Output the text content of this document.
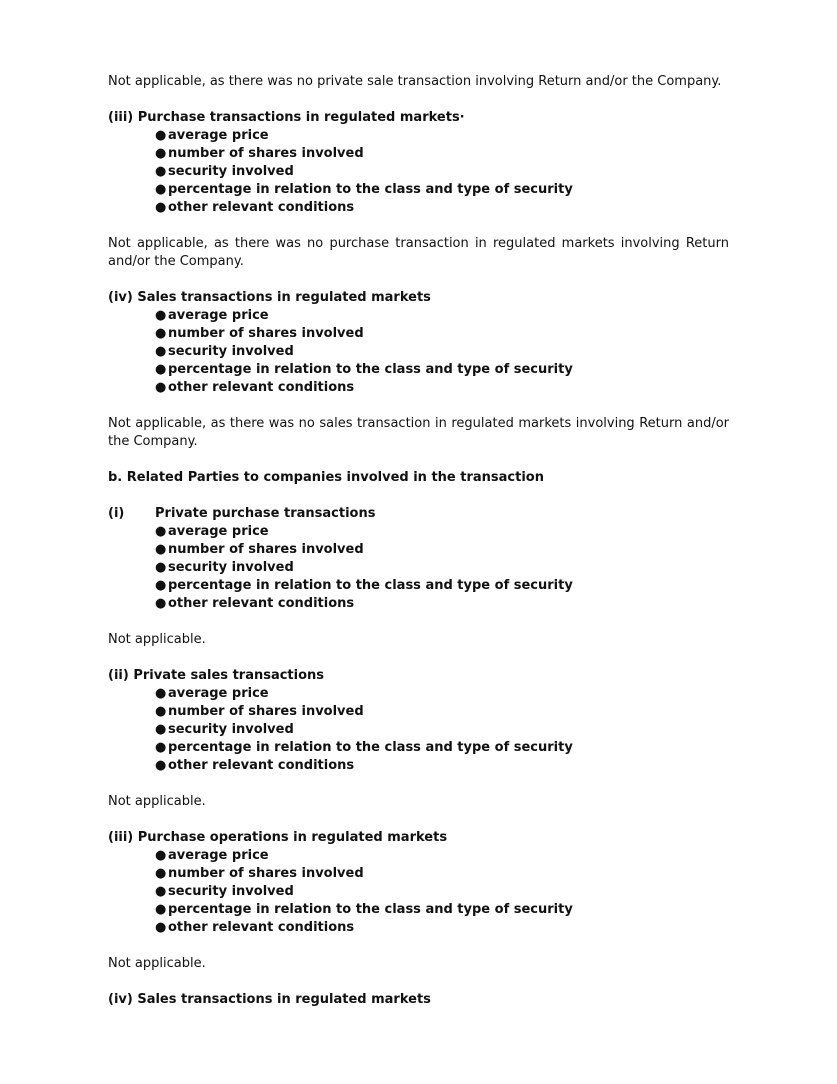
Not applicable, as there was no private sale transaction involving Return and/or the Company.

(iii) Purchase transactions in regulated markets·

● average price
● number of shares involved
● security involved
● percentage in relation to the class and type of security
● other relevant conditions

Not applicable, as there was no purchase transaction in regulated markets involving Return and/or the Company.

(iv) Sales transactions in regulated markets

● average price
● number of shares involved
● security involved
● percentage in relation to the class and type of security
● other relevant conditions

Not applicable, as there was no sales transaction in regulated markets involving Return and/or the Company.

b. Related Parties to companies involved in the transaction

(i) Private purchase transactions

● average price
● number of shares involved
● security involved
● percentage in relation to the class and type of security
● other relevant conditions

Not applicable.

(ii) Private sales transactions

● average price
● number of shares involved
● security involved
● percentage in relation to the class and type of security
● other relevant conditions

Not applicable.

(iii) Purchase operations in regulated markets

● average price
● number of shares involved
● security involved
● percentage in relation to the class and type of security
● other relevant conditions

Not applicable.

(iv) Sales transactions in regulated markets
